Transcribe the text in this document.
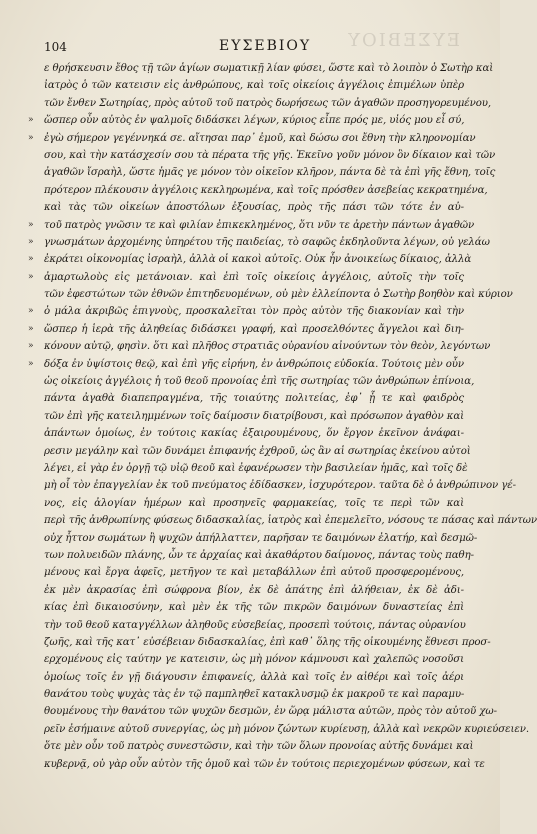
ΕΥΣΕΒΙΟΥ
104	ΕΥΣΕΒΙΟΥ
ε θρήσκευσιν ἔθος τῇ τῶν ἁγίων σωματικῇ λίαν φύσει, ὥστε καὶ τὸ λοιπὸν ὁ Σωτὴρ καὶ
ἰατρὸς ὁ τῶν κατεισιν εἰς ἀνθρώπους, καὶ τοῖς οἰκείοις ἀγγέλοις ἐπιμέλων ὑπὲρ
τῶν ἔνθεν Σωτηρίας, πρὸς αὐτοῦ τοῦ πατρὸς δωρήσεως τῶν ἀγαθῶν προσηγορευμένου,
ὥσπερ οὖν αὐτὸς ἐν ψαλμοῖς διδάσκει λέγων, κύριος εἶπε πρός με, υἱός μου εἶ σύ,
»
ἐγὼ σήμερον γεγέννηκά σε. αἴτησαι παρ᾽ ἐμοῦ, καὶ δώσω σοι ἔθνη τὴν κληρονομίαν
»
σου, καὶ τὴν κατάσχεσίν σου τὰ πέρατα τῆς γῆς. Ἐκεῖνο γοῦν μόνον ὃν δίκαιον καὶ τῶν
ἀγαθῶν ἴσραὴλ, ὥστε ἡμᾶς γε μόνον τὸν οἰκεῖον κλῆρον, πάντα δὲ τὰ ἐπὶ γῆς ἔθνη, τοῖς
πρότερον πλέκουσιν ἀγγέλοις κεκληρωμένα, καὶ τοῖς πρόσθεν ἀσεβείας κεκρατημένα,
καὶ τὰς τῶν οἰκείων ἀποστόλων ἐξουσίας, πρὸς τῆς πάσι τῶν τότε ἐν αὐ-
τοῦ πατρὸς γνῶσιν τε καὶ φιλίαν ἐπικεκλημένος, ὅτι νῦν τε ἀρετὴν πάντων ἀγαθῶν
»
γνωσμάτων ἀρχομένης ὑπηρέτου τῆς παιδείας, τὸ σαφῶς ἐκδηλοῦντα λέγων, οὐ γελάω
»
ἐκράτει οἰκονομίας ἰσραὴλ, ἀλλὰ οἱ κακοὶ αὐτοῖς. Οὐκ ἦν ἀνοικείως δίκαιος, ἀλλὰ
»
ἀμαρτωλοὺς εἰς μετάνοιαν. καὶ ἐπὶ τοῖς οἰκείοις ἀγγέλοις, αὐτοῖς τὴν τοῖς
»
τῶν ἐφεστώτων τῶν ἐθνῶν ἐπιτηδευομένων, οὐ μὲν ἐλλείποντα ὁ Σωτὴρ βοηθὸν καὶ κύριον
ὁ μάλα ἀκριβῶς ἐπιγνοὺς, προσκαλεῖται τὸν πρὸς αὐτὸν τῆς διακονίαν καὶ τὴν
»
ὥσπερ ἡ ἱερὰ τῆς ἀληθείας διδάσκει γραφή, καὶ προσελθόντες ἄγγελοι καὶ διη-
»
κόνουν αὐτῷ, φησὶν. ὅτι καὶ πλῆθος στρατιᾶς οὐρανίου αἰνούντων τὸν θεὸν, λεγόντων
»
δόξα ἐν ὑψίστοις θεῷ, καὶ ἐπὶ γῆς εἰρήνη, ἐν ἀνθρώποις εὐδοκία. Τούτοις μὲν οὖν
»
ὡς οἰκείοις ἀγγέλοις ἡ τοῦ θεοῦ προνοίας ἐπὶ τῆς σωτηρίας τῶν ἀνθρώπων ἐπίνοια,
πάντα ἀγαθὰ διαπεπραγμένα, τῆς τοιαύτης πολιτείας, ἐφ᾽ ᾗ τε καὶ φαιδρὸς
τῶν ἐπὶ γῆς κατειλημμένων τοῖς δαίμοσιν διατρίβουσι, καὶ πρόσωπον ἀγαθὸν καὶ
ἀπάντων ὁμοίως, ἐν τούτοις κακίας ἐξαιρουμένους, ὅν ἔργον ἐκεῖνον ἀνάφαι-
ρεσιν μεγάλην καὶ τῶν δυνάμει ἐπιφανής ἐχθροῦ, ὡς ἂν αἱ σωτηρίας ἐκείνου αὐτοὶ
λέγει, εἰ γὰρ ἐν ὀργῇ τῷ υἱῷ θεοῦ καὶ ἐφανέρωσεν τὴν βασιλείαν ἡμᾶς, καὶ τοῖς δὲ
μὴ οἷ τὸν ἐπαγγελίαν ἐκ τοῦ πνεύματος ἐδίδασκεν, ἰσχυρότερον. ταῦτα δὲ ὁ ἀνθρώπινον γέ-
νος, εἰς ἀλογίαν ἡμέρων καὶ προσηνεῖς φαρμακείας, τοῖς τε περὶ τῶν καὶ
περὶ τῆς ἀνθρωπίνης φύσεως διδασκαλίας, ἰατρὸς καὶ ἐπεμελεῖτο, νόσους τε πάσας καὶ πάντων
οὐχ ἧττον σωμάτων ἢ ψυχῶν ἀπήλλαττεν, παρῆσαν τε δαιμόνων ἐλατήρ, καὶ δεσμῶ-
των πολυειδῶν πλάνης, ὧν τε ἀρχαίας καὶ ἀκαθάρτου δαίμονος, πάντας τοὺς παθη-
μένους καὶ ἔργα ἀφεῖς, μετῆγον τε καὶ μεταβάλλων ἐπὶ αὐτοῦ προσφερομένους,
ἐκ μὲν ἀκρασίας ἐπὶ σώφρονα βίον, ἐκ δὲ ἀπάτης ἐπὶ ἀλήθειαν, ἐκ δὲ ἀδι-
κίας ἐπὶ δικαιοσύνην, καὶ μὲν ἐκ τῆς τῶν πικρῶν δαιμόνων δυναστείας ἐπὶ
τὴν τοῦ θεοῦ καταγγέλλων ἀληθοῦς εὐσεβείας, προσεπὶ τούτοις, πάντας οὐρανίου
ζωῆς, καὶ τῆς κατ᾽ εὐσέβειαν διδασκαλίας, ἐπὶ καθ᾽ ὅλης τῆς οἰκουμένης ἔθνεσι προσ-
ερχομένους εἰς ταύτην γε κατεισιν, ὡς μὴ μόνον κάμνουσι καὶ χαλεπῶς νοσοῦσι
ὁμοίως τοῖς ἐν γῇ διάγουσιν ἐπιφανείς, ἀλλὰ καὶ τοῖς ἐν αἰθέρι καὶ τοῖς ἀέρι
θανάτου τοὺς ψυχὰς τὰς ἐν τῷ παμπληθεῖ κατακλυσμῷ ἐκ μακροῦ τε καὶ παραμυ-
θουμένους τὴν θανάτου τῶν ψυχῶν δεσμῶν, ἐν ὥρᾳ μάλιστα αὐτῶν, πρὸς τὸν αὐτοῦ χω-
ρεῖν ἐσήμαινε αὐτοῦ συνεργίας, ὡς μὴ μόνον ζώντων κυρίευσῃ, ἀλλὰ καὶ νεκρῶν κυριεύσειεν.
ὅτε μὲν οὖν τοῦ πατρὸς συνεστῶσιν, καὶ τὴν τῶν ὅλων προνοίας αὐτῆς δυνάμει καὶ
κυβερνᾷ, οὐ γὰρ οὖν αὐτὸν τῆς ὁμοῦ καὶ τῶν ἐν τούτοις περιεχομένων φύσεων, καὶ τε
